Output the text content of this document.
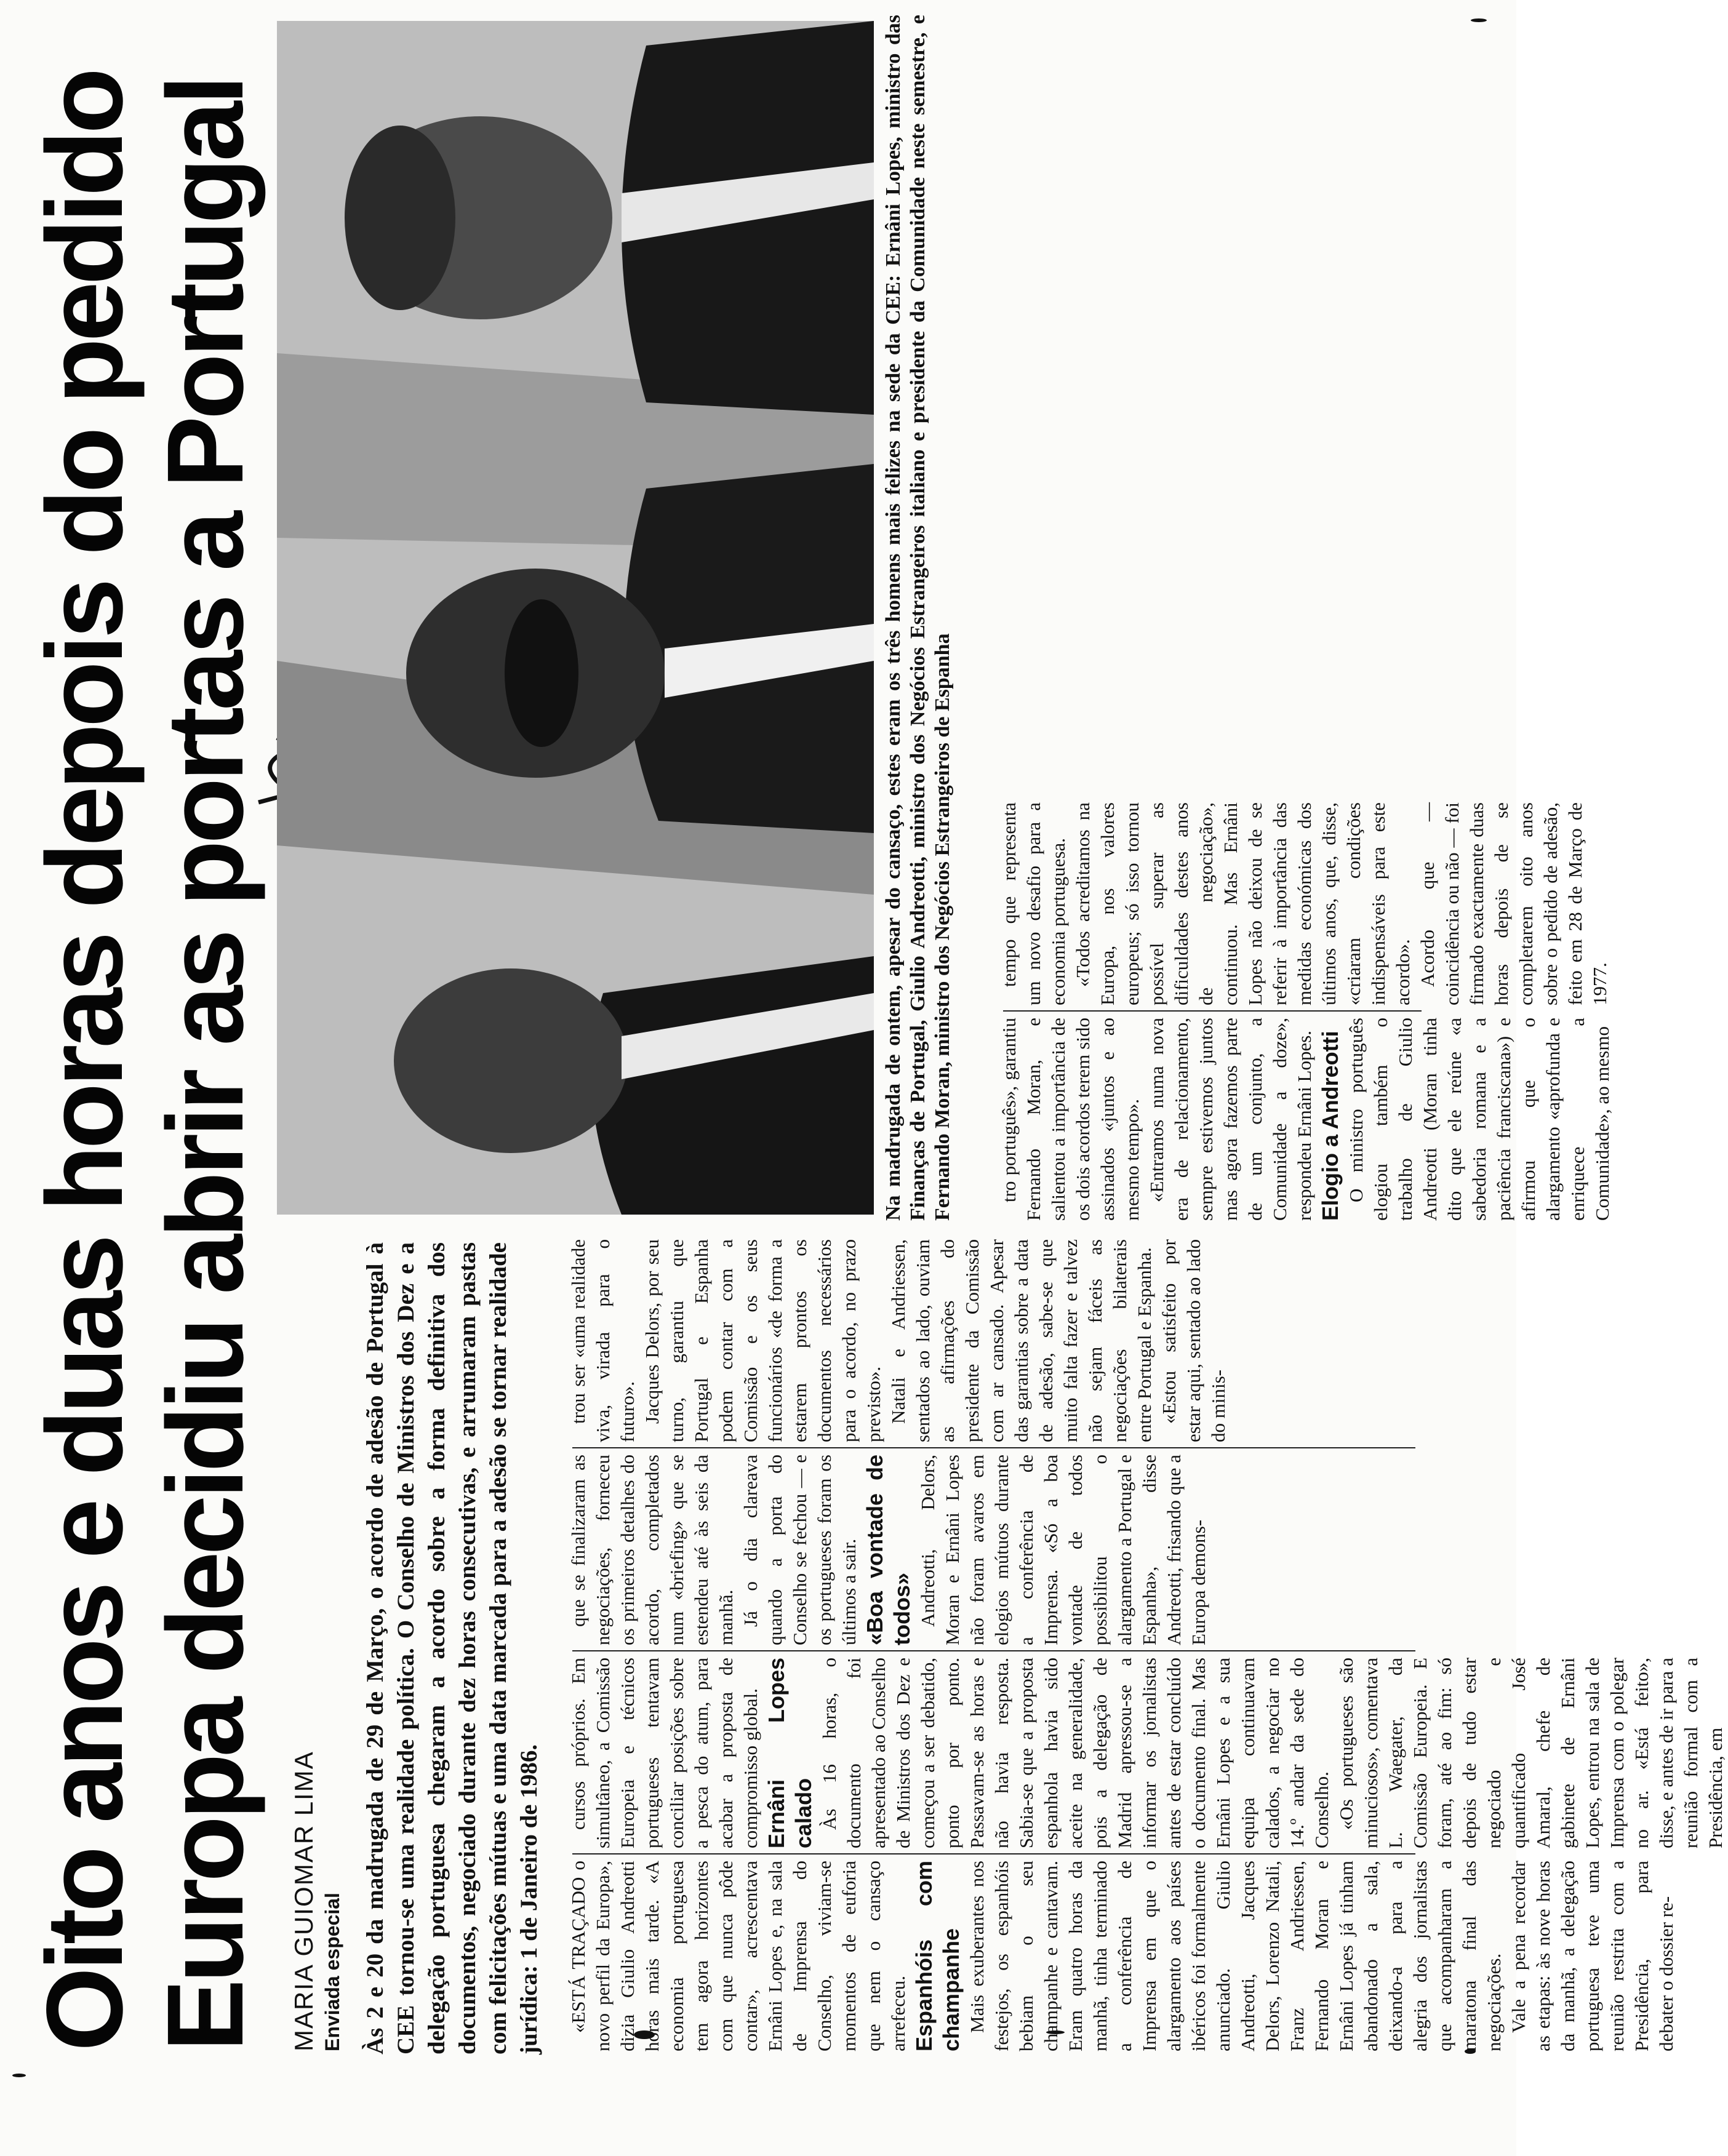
Oito anos e duas horas depois do pedido Europa decidiu abrir as portas a Portugal MARIA GUIOMAR LIMA Enviada especial Às 2 e 20 da madrugada de 29 de Março, o acordo de adesão de Portugal à CEE tornou-se uma realidade política. O Conselho de Ministros dos Dez e a delegação portuguesa chegaram a acordo sobre a forma definitiva dos documentos, negociado durante dez horas consecutivas, e arrumaram pastas com felicitações mútuas e uma data marcada para a adesão se tornar realidade jurídica: 1 de Janeiro de 1986. «ESTÁ TRAÇADO o novo perfil da Europa», dizia Giulio Andreotti horas mais tarde. «A economia portuguesa tem agora horizontes com que nunca pôde contar», acrescentava Ernâni Lopes e, na sala de Imprensa do Conselho, viviam-se momentos de euforia que nem o cansaço arrefeceu. Espanhóis com champanhe Mais exuberantes nos festejos, os espanhóis bebiam o seu champanhe e cantavam. Eram quatro horas da manhã, tinha terminado a conferência de Imprensa em que o alargamento aos países ibéricos foi formalmente anunciado. Giulio Andreotti, Jacques Delors, Lorenzo Natali, Franz Andriessen, Fernando Moran e Ernâni Lopes já tinham abandonado a sala, deixando-a para a alegria dos jornalistas que acompanharam a maratona final das negociações. Vale a pena recordar as etapas: às nove horas da manhã, a delegação portuguesa teve uma reunião restrita com a Presidência, para debater o dossier re-

cursos próprios. Em simultâneo, a Comissão Europeia e técnicos portugueses tentavam conciliar posições sobre a pesca do atum, para acabar a proposta de compromisso global. Ernâni Lopes calado Às 16 horas, o documento foi apresentado ao Conselho de Ministros dos Dez e começou a ser debatido, ponto por ponto. Passavam-se as horas e não havia resposta. Sabia-se que a proposta espanhola havia sido aceite na generalidade, pois a delegação de Madrid apressou-se a informar os jornalistas antes de estar concluído o documento final. Mas Ernâni Lopes e a sua equipa continuavam calados, a negociar no 14.º andar da sede do Conselho. «Os portugueses são minuciosos», comentava L. Waegater, da Comissão Europeia. E foram, até ao fim: só depois de tudo estar negociado e quantificado José Amaral, chefe de gabinete de Ernâni Lopes, entrou na sala de Imprensa com o polegar no ar. «Está feito», disse, e antes de ir para a reunião formal com a Presidência, em

que se finalizaram as negociações, forneceu os primeiros detalhes do acordo, completados num «briefing» que se estendeu até às seis da manhã. Já o dia clareava quando a porta do Conselho se fechou — e os portugueses foram os últimos a sair. «Boa vontade de todos» Andreotti, Delors, Moran e Ernâni Lopes não foram avaros em elogios mútuos durante a conferência de Imprensa. «Só a boa vontade de todos possibilitou o alargamento a Portugal e Espanha», disse Andreotti, frisando que a Europa demons-

trou ser «uma realidade viva, virada para o futuro». Jacques Delors, por seu turno, garantiu que Portugal e Espanha podem contar com a Comissão e os seus funcionários «de forma a estarem prontos os documentos necessários para o acordo, no prazo previsto». Natali e Andriessen, sentados ao lado, ouviam as afirmações do presidente da Comissão com ar cansado. Apesar das garantias sobre a data de adesão, sabe-se que muito falta fazer e talvez não sejam fáceis as negociações bilaterais entre Portugal e Espanha. «Estou satisfeito por estar aqui, sentado ao lado do minis-

Na madrugada de ontem, apesar do cansaço, estes eram os três homens mais felizes na sede da CEE: Ernâni Lopes, ministro das Finanças de Portugal, Giulio Andreotti, ministro dos Negócios Estrangeiros italiano e presidente da Comunidade neste semestre, e Fernando Moran, ministro dos Negócios Estrangeiros de Espanha tro português», garantiu Fernando Moran, e salientou a importância de os dois acordos terem sido assinados «juntos e ao mesmo tempo». «Entramos numa nova era de relacionamento, sempre estivemos juntos mas agora fazemos parte de um conjunto, a Comunidade a doze», respondeu Ernâni Lopes. Elogio a Andreotti O ministro português elogiou também o trabalho de Giulio Andreotti (Moran tinha dito que ele reúne «a sabedoria romana e a paciência franciscana») e afirmou que o alargamento «aprofunda e enriquece a Comunidade», ao mesmo

tempo que representa um novo desafio para a economia portuguesa. «Todos acreditamos na Europa, nos valores europeus; só isso tornou possível superar as dificuldades destes anos de negociação», continuou. Mas Ernâni Lopes não deixou de se referir à importância das medidas económicas dos últimos anos, que, disse, «criaram condições indispensáveis para este acordo». Acordo que — coincidência ou não — foi firmado exactamente duas horas depois de se completarem oito anos sobre o pedido de adesão, feito em 28 de Março de 1977.
